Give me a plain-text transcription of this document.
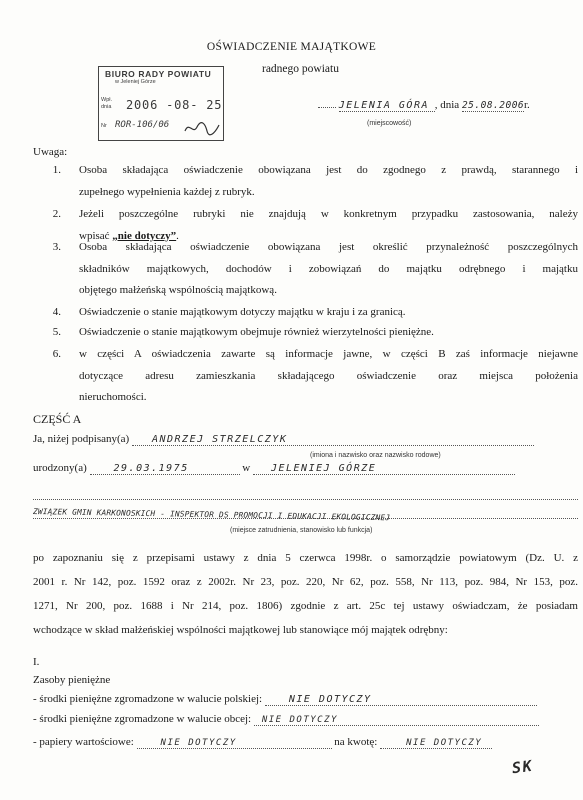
OŚWIADCZENIE MAJĄTKOWE
radnego powiatu
BIURO RADY POWIATU
w Jeleniej Górze
Wpł.
dnia 2006 -08- 25
Nr ROR-106/06
JELENIA GÓRA , dnia 25.08.2006r.
(miejscowość)
Uwaga:
1. Osoba składająca oświadczenie obowiązana jest do zgodnego z prawdą, starannego i
zupełnego wypełnienia każdej z rubryk.
2. Jeżeli poszczególne rubryki nie znajdują w konkretnym przypadku zastosowania, należy
wpisać „nie dotyczy”.
3. Osoba składająca oświadczenie obowiązana jest określić przynależność poszczególnych
składników majątkowych, dochodów i zobowiązań do majątku odrębnego i majątku
objętego małżeńską wspólnością majątkową.
4. Oświadczenie o stanie majątkowym dotyczy majątku w kraju i za granicą.
5. Oświadczenie o stanie majątkowym obejmuje również wierzytelności pieniężne.
6. w części A oświadczenia zawarte są informacje jawne, w części B zaś informacje niejawne
dotyczące adresu zamieszkania składającego oświadczenie oraz miejsca położenia
nieruchomości.
CZĘŚĆ A
Ja, niżej podpisany(a) ANDRZEJ STRZELCZYK
(imiona i nazwisko oraz nazwisko rodowe)
urodzony(a)	29.03.1975	w JELENIEJ GÓRZE
ZWIĄZEK GMIN KARKONOSKICH - INSPEKTOR DS PROMOCJI I EDUKACJI EKOLOGICZNEJ
(miejsce zatrudnienia, stanowisko lub funkcja)
po zapoznaniu się z przepisami ustawy z dnia 5 czerwca 1998r. o samorządzie powiatowym (Dz. U. z
2001 r. Nr 142, poz. 1592 oraz z 2002r. Nr 23, poz. 220, Nr 62, poz. 558, Nr 113, poz. 984, Nr 153, poz.
1271, Nr 200, poz. 1688 i Nr 214, poz. 1806) zgodnie z art. 25c tej ustawy oświadczam, że posiadam
wchodzące w skład małżeńskiej wspólności majątkowej lub stanowiące mój majątek odrębny:
I.
Zasoby pieniężne
- środki pieniężne zgromadzone w walucie polskiej:	NIE DOTYCZY
- środki pieniężne zgromadzone w walucie obcej: NIE DOTYCZY
- papiery wartościowe:	NIE DOTYCZY	na kwotę:	NIE DOTYCZY
SK
